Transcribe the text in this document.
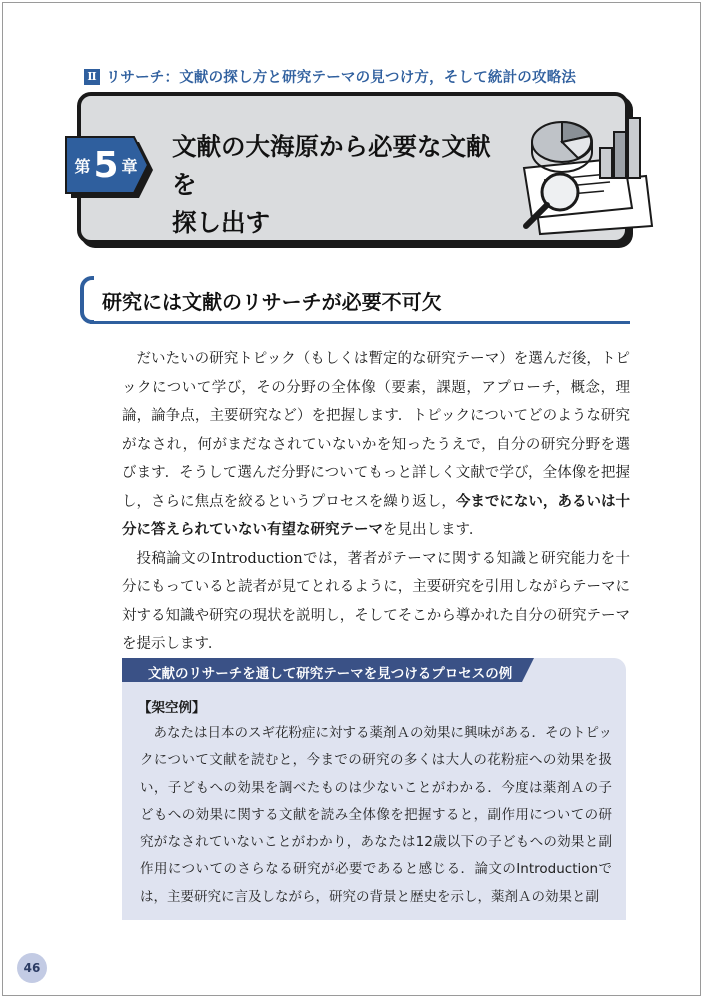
Ⅱ リサーチ：文献の探し方と研究テーマの見つけ方，そして統計の攻略法
第 5 章
文献の大海原から必要な文献を
探し出す
研究には文献のリサーチが必要不可欠

だいたいの研究トピック（もしくは暫定的な研究テーマ）を選んだ後，トピックについて学び，その分野の全体像（要素，課題，アプローチ，概念，理論，論争点，主要研究など）を把握します．トピックについてどのような研究がなされ，何がまだなされていないかを知ったうえで，自分の研究分野を選びます．そうして選んだ分野についてもっと詳しく文献で学び，全体像を把握し，さらに焦点を絞るというプロセスを繰り返し，今までにない，あるいは十分に答えられていない有望な研究テーマを見出します．

投稿論文のIntroductionでは，著者がテーマに関する知識と研究能力を十分にもっていると読者が見てとれるように，主要研究を引用しながらテーマに対する知識や研究の現状を説明し，そしてそこから導かれた自分の研究テーマを提示します．

文献のリサーチを通して研究テーマを見つけるプロセスの例
【架空例】

あなたは日本のスギ花粉症に対する薬剤Ａの効果に興味がある．そのトピックについて文献を読むと，今までの研究の多くは大人の花粉症への効果を扱い，子どもへの効果を調べたものは少ないことがわかる．今度は薬剤Ａの子どもへの効果に関する文献を読み全体像を把握すると，副作用についての研究がなされていないことがわかり，あなたは12歳以下の子どもへの効果と副作用についてのさらなる研究が必要であると感じる．論文のIntroductionでは，主要研究に言及しながら，研究の背景と歴史を示し，薬剤Ａの効果と副

46
